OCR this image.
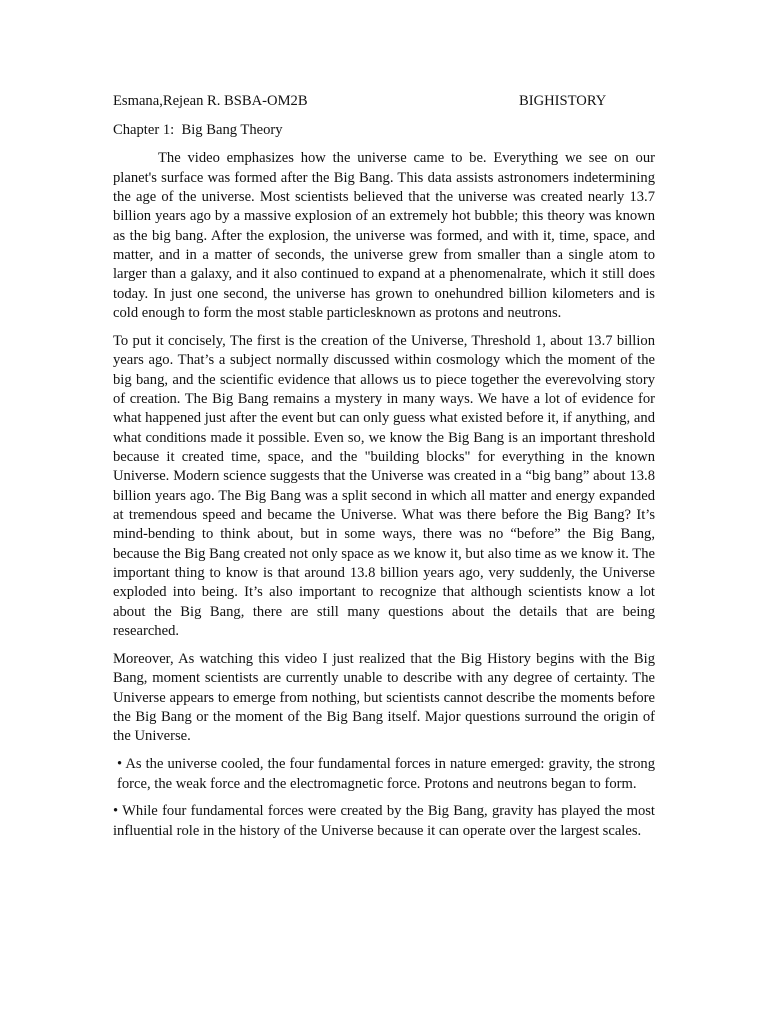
Esmana,Rejean R. BSBA-OM2B	BIGHISTORY
Chapter 1:  Big Bang Theory

The video emphasizes how the universe came to be. Everything we see on our planet's surface was formed after the Big Bang. This data assists astronomers indetermining the age of the universe. Most scientists believed that the universe was created nearly 13.7 billion years ago by a massive explosion of an extremely hot bubble; this theory was known as the big bang. After the explosion, the universe was formed, and with it, time, space, and matter, and in a matter of seconds, the universe grew from smaller than a single atom to larger than a galaxy, and it also continued to expand at a phenomenalrate, which it still does today. In just one second, the universe has grown to onehundred billion kilometers and is cold enough to form the most stable particlesknown as protons and neutrons.

To put it concisely, The first is the creation of the Universe, Threshold 1, about 13.7 billion years ago. That’s a subject normally discussed within cosmology which the moment of the big bang, and the scientific evidence that allows us to piece together the everevolving story of creation. The Big Bang remains a mystery in many ways. We have a lot of evidence for what happened just after the event but can only guess what existed before it, if anything, and what conditions made it possible. Even so, we know the Big Bang is an important threshold because it created time, space, and the "building blocks" for everything in the known Universe. Modern science suggests that the Universe was created in a “big bang” about 13.8 billion years ago. The Big Bang was a split second in which all matter and energy expanded at tremendous speed and became the Universe. What was there before the Big Bang? It’s mind-bending to think about, but in some ways, there was no “before” the Big Bang, because the Big Bang created not only space as we know it, but also time as we know it. The important thing to know is that around 13.8 billion years ago, very suddenly, the Universe exploded into being. It’s also important to recognize that although scientists know a lot about the Big Bang, there are still many questions about the details that are being researched.

Moreover, As watching this video I just realized that the Big History begins with the Big Bang, moment scientists are currently unable to describe with any degree of certainty. The Universe appears to emerge from nothing, but scientists cannot describe the moments before the Big Bang or the moment of the Big Bang itself. Major questions surround the origin of the Universe.

• As the universe cooled, the four fundamental forces in nature emerged: gravity, the strong force, the weak force and the electromagnetic force. Protons and neutrons began to form.

• While four fundamental forces were created by the Big Bang, gravity has played the most influential role in the history of the Universe because it can operate over the largest scales.
